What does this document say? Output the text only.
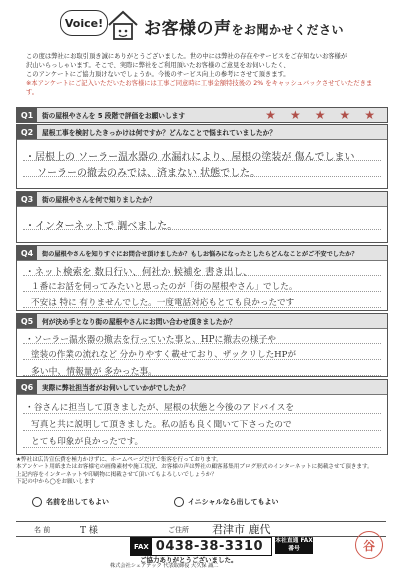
Voice! お客様の声をお聞かせください
この度は弊社にお取引頂き誠にありがとうございました。世の中には弊社の存在やサービスをご存知ないお客様が
沢山いらっしゃいます。そこで、実際に弊社をご利用頂いたお客様のご意見をお伺いしたく、
このアンケートにご協力頂けないでしょうか。今後のサービス向上の参考にさせて頂きます。
※本アンケートにご記入いただいたお客様には工事ご同意時に工事金額特技後の 2% をキャッシュバックさせていただきます。
Q1	街の屋根やさんを 5 段階で評価をお願いします	★ ★ ★ ★ ★
Q2	屋根工事を検討したきっかけは何ですか？どんなことで悩まれていましたか？
・居根上の ソーラー温水器の 水漏れにより、屋根の塗装が 傷んでしまい
ソーラーの撤去のみでは、済まない 状態でした。
Q3	街の屋根やさんを何で知りましたか？
・インターネットで 調べました。
Q4	街の屋根やさんを知りすぐにお問合せ頂けましたか？もしお悩みになったとしたらどんなことがご不安でしたか？
・ネット検索を 数日行い、何社か 候補を 書き出し、
１番にお話を伺ってみたいと思ったのが「街の屋根やさん」でした。
不安は 特に 有りませんでした。一度電話対応もとても良かったです
Q5	何が決め手となり街の屋根やさんにお問い合わせ頂きましたか？
・ソーラー温水器の撤去を行っていた事と、HPに撤去の様子や
塗装の作業の流れなど 分かりやすく載せており、ザックリしたHPが
多い中、情報量が 多かった事。
Q6	実際に弊社担当者がお伺いしていかがでしたか？
・谷さんに担当して頂きましたが、屋根の状態と今後のアドバイスを
写真と共に説明して頂きました。私の話も良く聞いて下さったので
とても印象が良かったです。
★弊社は広告宣伝費を極力かけずに、ホームページだけで集客を行っております。
本アンケート用紙またはお客様宅の画像素材や施工状況、お客様の声は弊社の顧客募集用ブログ形式のインターネットに掲載させて頂きます。
上記内容をインターネットや印刷物に掲載させて頂いてもよろしいでしょうか？
下記の中から◯をお願いします
名前を出してもよい	イニシャルなら出してもよい
名 前	T 様	ご住所 君津市 鹿代
FAX 0438-38-3310 本社直通 FAX番号
ご協力ありがとうございました。
株式会社シェアテック 代表取締役 大久保 誠二
谷
